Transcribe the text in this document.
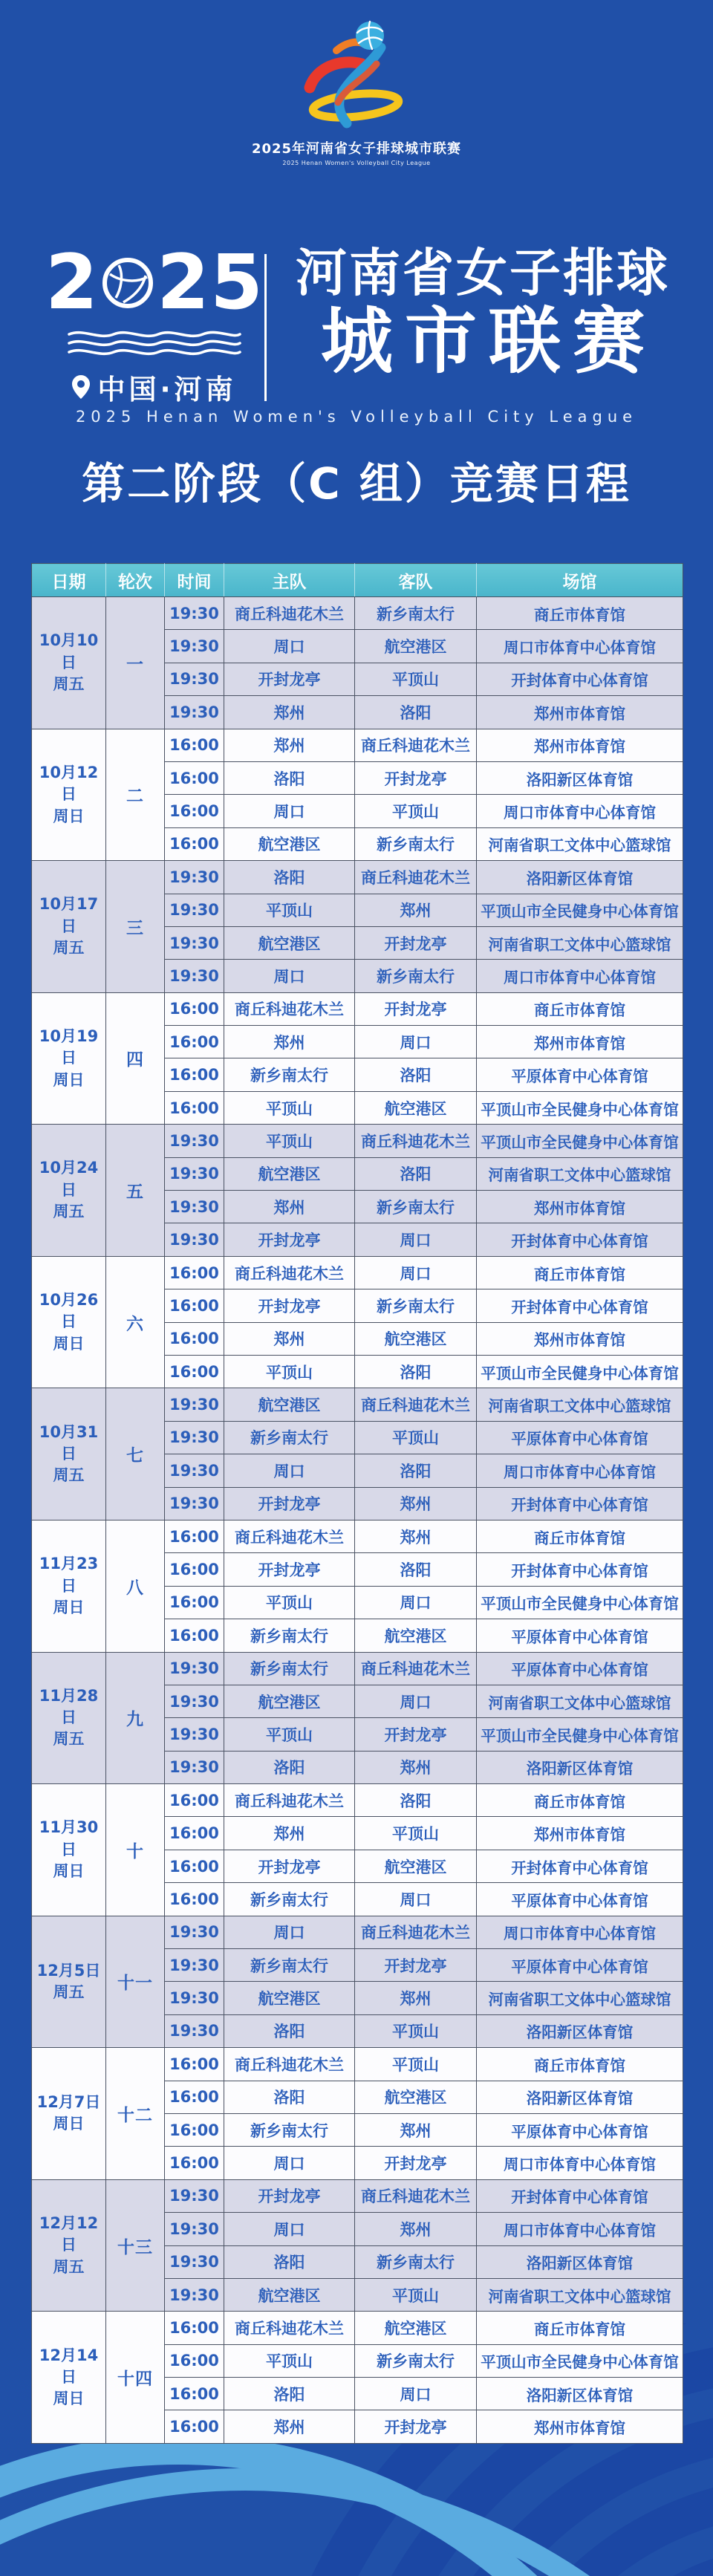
2025年河南省女子排球城市联赛
2025 Henan Women's Volleyball City League
2 25
中国·河南
河南省女子排球
城市联赛
2025 Henan Women's Volleyball City League
第二阶段（C 组）竞赛日程
日期	轮次	时间	主队	客队	场馆

10月10日
周五	一	19:30	商丘科迪花木兰	新乡南太行	商丘市体育馆
		19:30	周口	航空港区	周口市体育中心体育馆
		19:30	开封龙亭	平顶山	开封体育中心体育馆
		19:30	郑州	洛阳	郑州市体育馆

10月12日
周日	二	16:00	郑州	商丘科迪花木兰	郑州市体育馆
		16:00	洛阳	开封龙亭	洛阳新区体育馆
		16:00	周口	平顶山	周口市体育中心体育馆
		16:00	航空港区	新乡南太行	河南省职工文体中心篮球馆

10月17日
周五	三	19:30	洛阳	商丘科迪花木兰	洛阳新区体育馆
		19:30	平顶山	郑州	平顶山市全民健身中心体育馆
		19:30	航空港区	开封龙亭	河南省职工文体中心篮球馆
		19:30	周口	新乡南太行	周口市体育中心体育馆

10月19日
周日	四	16:00	商丘科迪花木兰	开封龙亭	商丘市体育馆
		16:00	郑州	周口	郑州市体育馆
		16:00	新乡南太行	洛阳	平原体育中心体育馆
		16:00	平顶山	航空港区	平顶山市全民健身中心体育馆

10月24日
周五	五	19:30	平顶山	商丘科迪花木兰	平顶山市全民健身中心体育馆
		19:30	航空港区	洛阳	河南省职工文体中心篮球馆
		19:30	郑州	新乡南太行	郑州市体育馆
		19:30	开封龙亭	周口	开封体育中心体育馆

10月26日
周日	六	16:00	商丘科迪花木兰	周口	商丘市体育馆
		16:00	开封龙亭	新乡南太行	开封体育中心体育馆
		16:00	郑州	航空港区	郑州市体育馆
		16:00	平顶山	洛阳	平顶山市全民健身中心体育馆

10月31日
周五	七	19:30	航空港区	商丘科迪花木兰	河南省职工文体中心篮球馆
		19:30	新乡南太行	平顶山	平原体育中心体育馆
		19:30	周口	洛阳	周口市体育中心体育馆
		19:30	开封龙亭	郑州	开封体育中心体育馆

11月23日
周日	八	16:00	商丘科迪花木兰	郑州	商丘市体育馆
		16:00	开封龙亭	洛阳	开封体育中心体育馆
		16:00	平顶山	周口	平顶山市全民健身中心体育馆
		16:00	新乡南太行	航空港区	平原体育中心体育馆

11月28日
周五	九	19:30	新乡南太行	商丘科迪花木兰	平原体育中心体育馆
		19:30	航空港区	周口	河南省职工文体中心篮球馆
		19:30	平顶山	开封龙亭	平顶山市全民健身中心体育馆
		19:30	洛阳	郑州	洛阳新区体育馆

11月30日
周日	十	16:00	商丘科迪花木兰	洛阳	商丘市体育馆
		16:00	郑州	平顶山	郑州市体育馆
		16:00	开封龙亭	航空港区	开封体育中心体育馆
		16:00	新乡南太行	周口	平原体育中心体育馆

12月5日
周五	十一	19:30	周口	商丘科迪花木兰	周口市体育中心体育馆
		19:30	新乡南太行	开封龙亭	平原体育中心体育馆
		19:30	航空港区	郑州	河南省职工文体中心篮球馆
		19:30	洛阳	平顶山	洛阳新区体育馆

12月7日
周日	十二	16:00	商丘科迪花木兰	平顶山	商丘市体育馆
		16:00	洛阳	航空港区	洛阳新区体育馆
		16:00	新乡南太行	郑州	平原体育中心体育馆
		16:00	周口	开封龙亭	周口市体育中心体育馆

12月12日
周五	十三	19:30	开封龙亭	商丘科迪花木兰	开封体育中心体育馆
		19:30	周口	郑州	周口市体育中心体育馆
		19:30	洛阳	新乡南太行	洛阳新区体育馆
		19:30	航空港区	平顶山	河南省职工文体中心篮球馆

12月14日
周日	十四	16:00	商丘科迪花木兰	航空港区	商丘市体育馆
		16:00	平顶山	新乡南太行	平顶山市全民健身中心体育馆
		16:00	洛阳	周口	洛阳新区体育馆
		16:00	郑州	开封龙亭	郑州市体育馆
